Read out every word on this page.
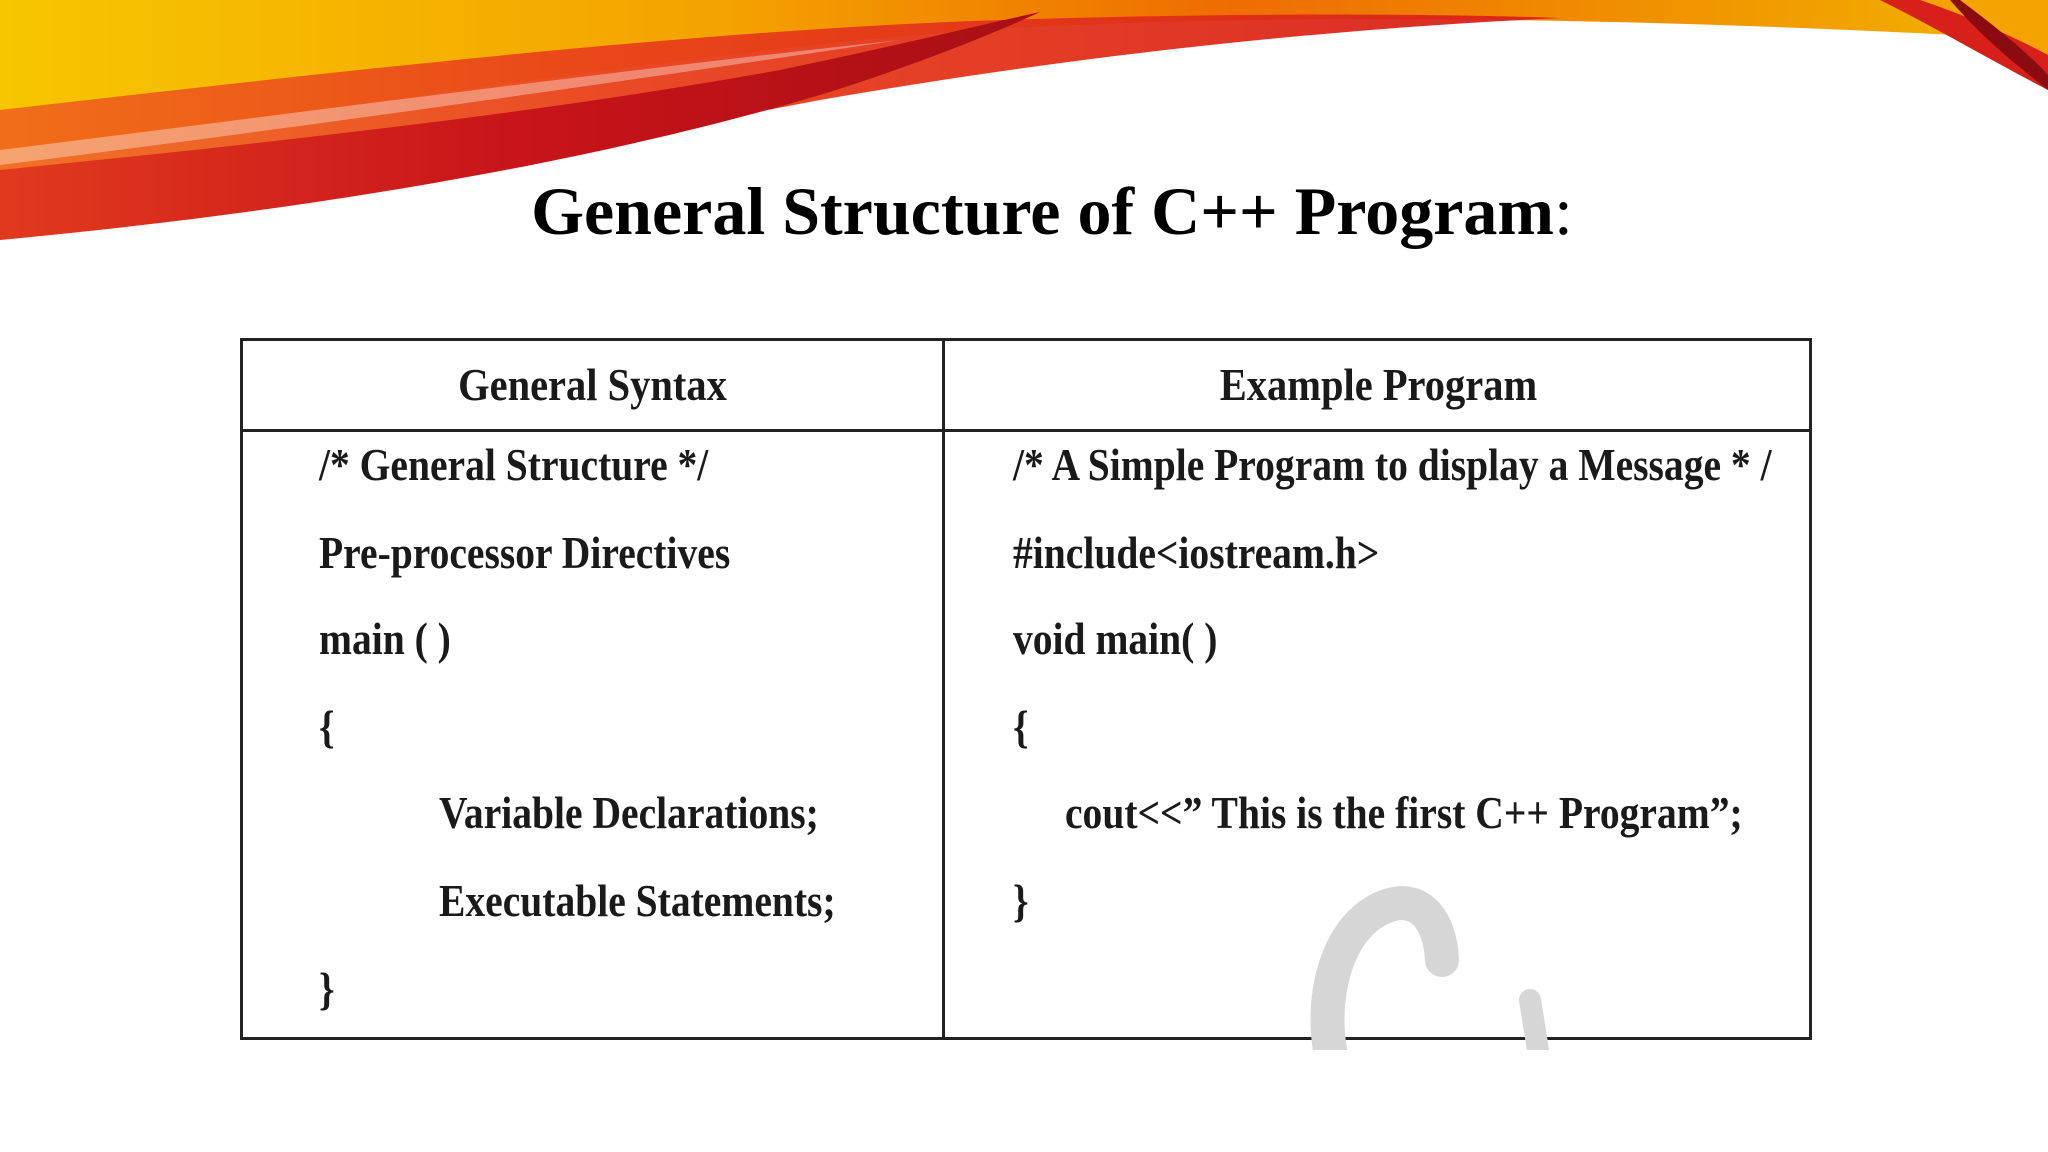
General Structure of C++ Program:
General Syntax	Example Program
/* General Structure */
Pre-processor Directives
main ( )
{
Variable Declarations;
Executable Statements;
}
/* A Simple Program to display a Message * /
#include<iostream.h>
void main( )
{
cout<<” This is the first C++ Program”;
}
